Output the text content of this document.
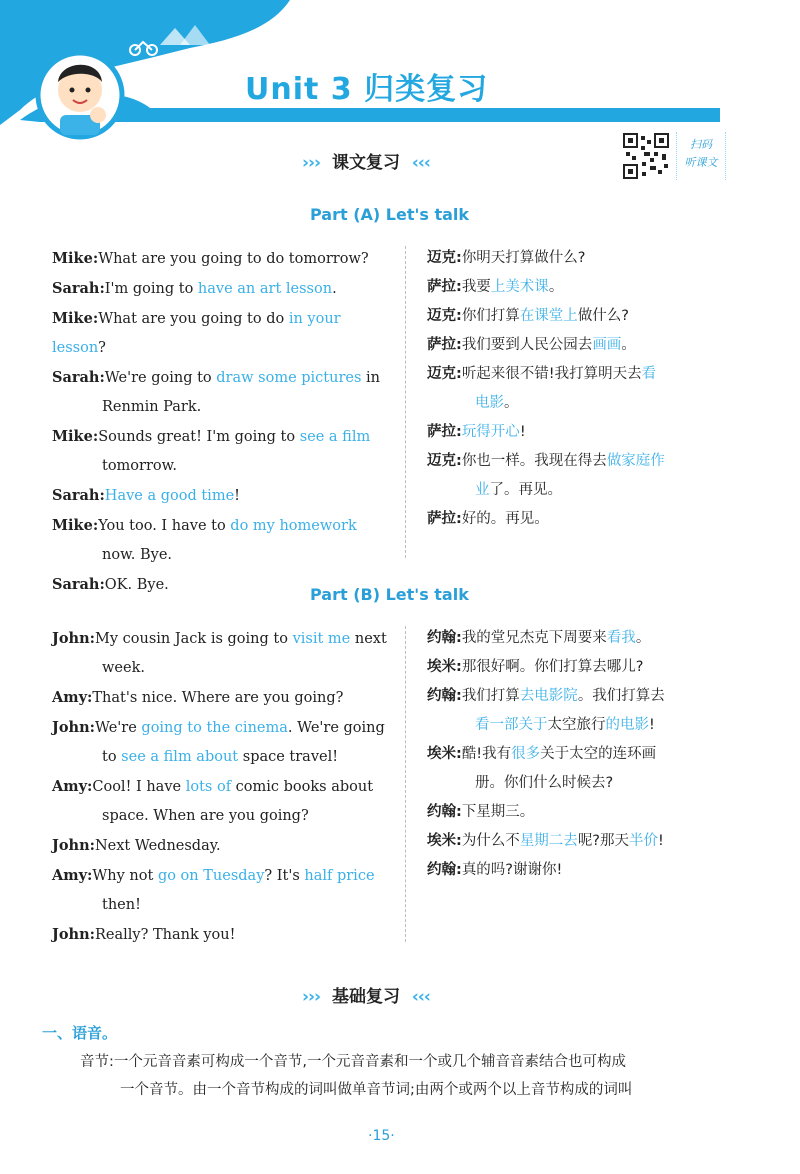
Unit 3 归类复习
››› 课文复习 ‹‹‹
扫码
听课文
Part (A) Let's talk
Mike:What are you going to do tomorrow?
Sarah:I'm going to have an art lesson.
Mike:What are you going to do in your lesson?
Sarah:We're going to draw some pictures in
Renmin Park.
Mike:Sounds great! I'm going to see a film
tomorrow.
Sarah:Have a good time!
Mike:You too. I have to do my homework
now. Bye.
Sarah:OK. Bye.
迈克:你明天打算做什么?
萨拉:我要上美术课。
迈克:你们打算在课堂上做什么?
萨拉:我们要到人民公园去画画。
迈克:听起来很不错!我打算明天去看
电影。
萨拉:玩得开心!
迈克:你也一样。我现在得去做家庭作
业了。再见。
萨拉:好的。再见。
Part (B) Let's talk
John:My cousin Jack is going to visit me next
week.
Amy:That's nice. Where are you going?
John:We're going to the cinema. We're going
to see a film about space travel!
Amy:Cool! I have lots of comic books about
space. When are you going?
John:Next Wednesday.
Amy:Why not go on Tuesday? It's half price
then!
John:Really? Thank you!
约翰:我的堂兄杰克下周要来看我。
埃米:那很好啊。你们打算去哪儿?
约翰:我们打算去电影院。我们打算去
看一部关于太空旅行的电影!
埃米:酷!我有很多关于太空的连环画
册。你们什么时候去?
约翰:下星期三。
埃米:为什么不星期二去呢?那天半价!
约翰:真的吗?谢谢你!
››› 基础复习 ‹‹‹
一、语音。
音节:一个元音音素可构成一个音节,一个元音音素和一个或几个辅音音素结合也可构成
一个音节。由一个音节构成的词叫做单音节词;由两个或两个以上音节构成的词叫
·15·
